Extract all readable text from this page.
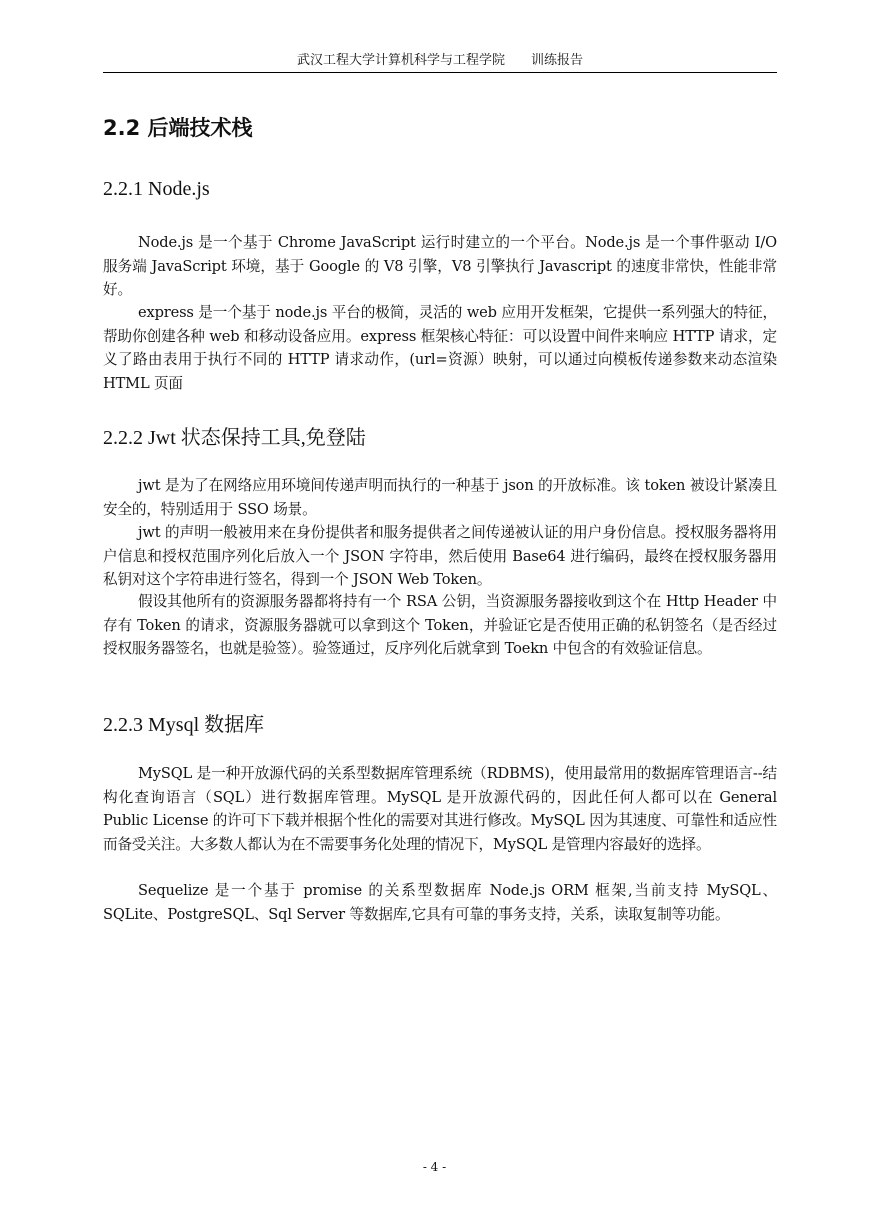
武汉工程大学计算机科学与工程学院 训练报告
2.2 后端技术栈
2.2.1 Node.js
Node.js 是一个基于 Chrome JavaScript 运行时建立的一个平台。Node.js 是一个事件驱动 I/O 服务端 JavaScript 环境，基于 Google 的 V8 引擎，V8 引擎执行 Javascript 的速度非常快，性能非常好。
express 是一个基于 node.js 平台的极简，灵活的 web 应用开发框架，它提供一系列强大的特征，帮助你创建各种 web 和移动设备应用。express 框架核心特征：可以设置中间件来响应 HTTP 请求，定义了路由表用于执行不同的 HTTP 请求动作，(url=资源）映射，可以通过向模板传递参数来动态渲染 HTML 页面
2.2.2 Jwt 状态保持工具,免登陆
jwt 是为了在网络应用环境间传递声明而执行的一种基于 json 的开放标准。该 token 被设计紧凑且安全的，特别适用于 SSO 场景。
jwt 的声明一般被用来在身份提供者和服务提供者之间传递被认证的用户身份信息。授权服务器将用户信息和授权范围序列化后放入一个 JSON 字符串，然后使用 Base64 进行编码，最终在授权服务器用私钥对这个字符串进行签名，得到一个 JSON Web Token。
假设其他所有的资源服务器都将持有一个 RSA 公钥，当资源服务器接收到这个在 Http Header 中存有 Token 的请求，资源服务器就可以拿到这个 Token，并验证它是否使用正确的私钥签名（是否经过授权服务器签名，也就是验签）。验签通过，反序列化后就拿到 Toekn 中包含的有效验证信息。
2.2.3 Mysql 数据库
MySQL 是一种开放源代码的关系型数据库管理系统（RDBMS)，使用最常用的数据库管理语言--结构化查询语言（SQL）进行数据库管理。MySQL 是开放源代码的，因此任何人都可以在 General Public License 的许可下下载并根据个性化的需要对其进行修改。MySQL 因为其速度、可靠性和适应性而备受关注。大多数人都认为在不需要事务化处理的情况下，MySQL 是管理内容最好的选择。
Sequelize 是一个基于 promise 的关系型数据库 Node.js ORM 框架,当前支持 MySQL、SQLite、PostgreSQL、Sql Server 等数据库,它具有可靠的事务支持，关系，读取复制等功能。
- 4 -
